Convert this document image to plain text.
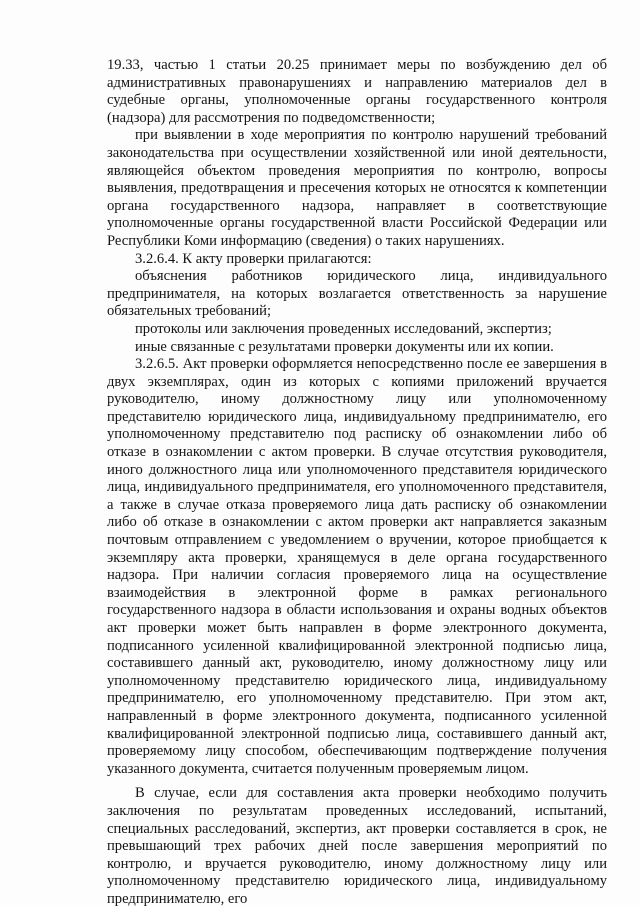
19.33, частью 1 статьи 20.25 принимает меры по возбуждению дел об административных правонарушениях и направлению материалов дел в судебные органы, уполномоченные органы государственного контроля (надзора) для рассмотрения по подведомственности;

при выявлении в ходе мероприятия по контролю нарушений требований законодательства при осуществлении хозяйственной или иной деятельности, являющейся объектом проведения мероприятия по контролю, вопросы выявления, предотвращения и пресечения которых не относятся к компетенции органа государственного надзора, направляет в соответствующие уполномоченные органы государственной власти Российской Федерации или Республики Коми информацию (сведения) о таких нарушениях.

3.2.6.4. К акту проверки прилагаются:

объяснения работников юридического лица, индивидуального предпринимателя, на которых возлагается ответственность за нарушение обязательных требований;

протоколы или заключения проведенных исследований, экспертиз;

иные связанные с результатами проверки документы или их копии.

3.2.6.5. Акт проверки оформляется непосредственно после ее завершения в двух экземплярах, один из которых с копиями приложений вручается руководителю, иному должностному лицу или уполномоченному представителю юридического лица, индивидуальному предпринимателю, его уполномоченному представителю под расписку об ознакомлении либо об отказе в ознакомлении с актом проверки. В случае отсутствия руководителя, иного должностного лица или уполномоченного представителя юридического лица, индивидуального предпринимателя, его уполномоченного представителя, а также в случае отказа проверяемого лица дать расписку об ознакомлении либо об отказе в ознакомлении с актом проверки акт направляется заказным почтовым отправлением с уведомлением о вручении, которое приобщается к экземпляру акта проверки, хранящемуся в деле органа государственного надзора. При наличии согласия проверяемого лица на осуществление взаимодействия в электронной форме в рамках регионального государственного надзора в области использования и охраны водных объектов акт проверки может быть направлен в форме электронного документа, подписанного усиленной квалифицированной электронной подписью лица, составившего данный акт, руководителю, иному должностному лицу или уполномоченному представителю юридического лица, индивидуальному предпринимателю, его уполномоченному представителю. При этом акт, направленный в форме электронного документа, подписанного усиленной квалифицированной электронной подписью лица, составившего данный акт, проверяемому лицу способом, обеспечивающим подтверждение получения указанного документа, считается полученным проверяемым лицом.

В случае, если для составления акта проверки необходимо получить заключения по результатам проведенных исследований, испытаний, специальных расследований, экспертиз, акт проверки составляется в срок, не превышающий трех рабочих дней после завершения мероприятий по контролю, и вручается руководителю, иному должностному лицу или уполномоченному представителю юридического лица, индивидуальному предпринимателю, его
